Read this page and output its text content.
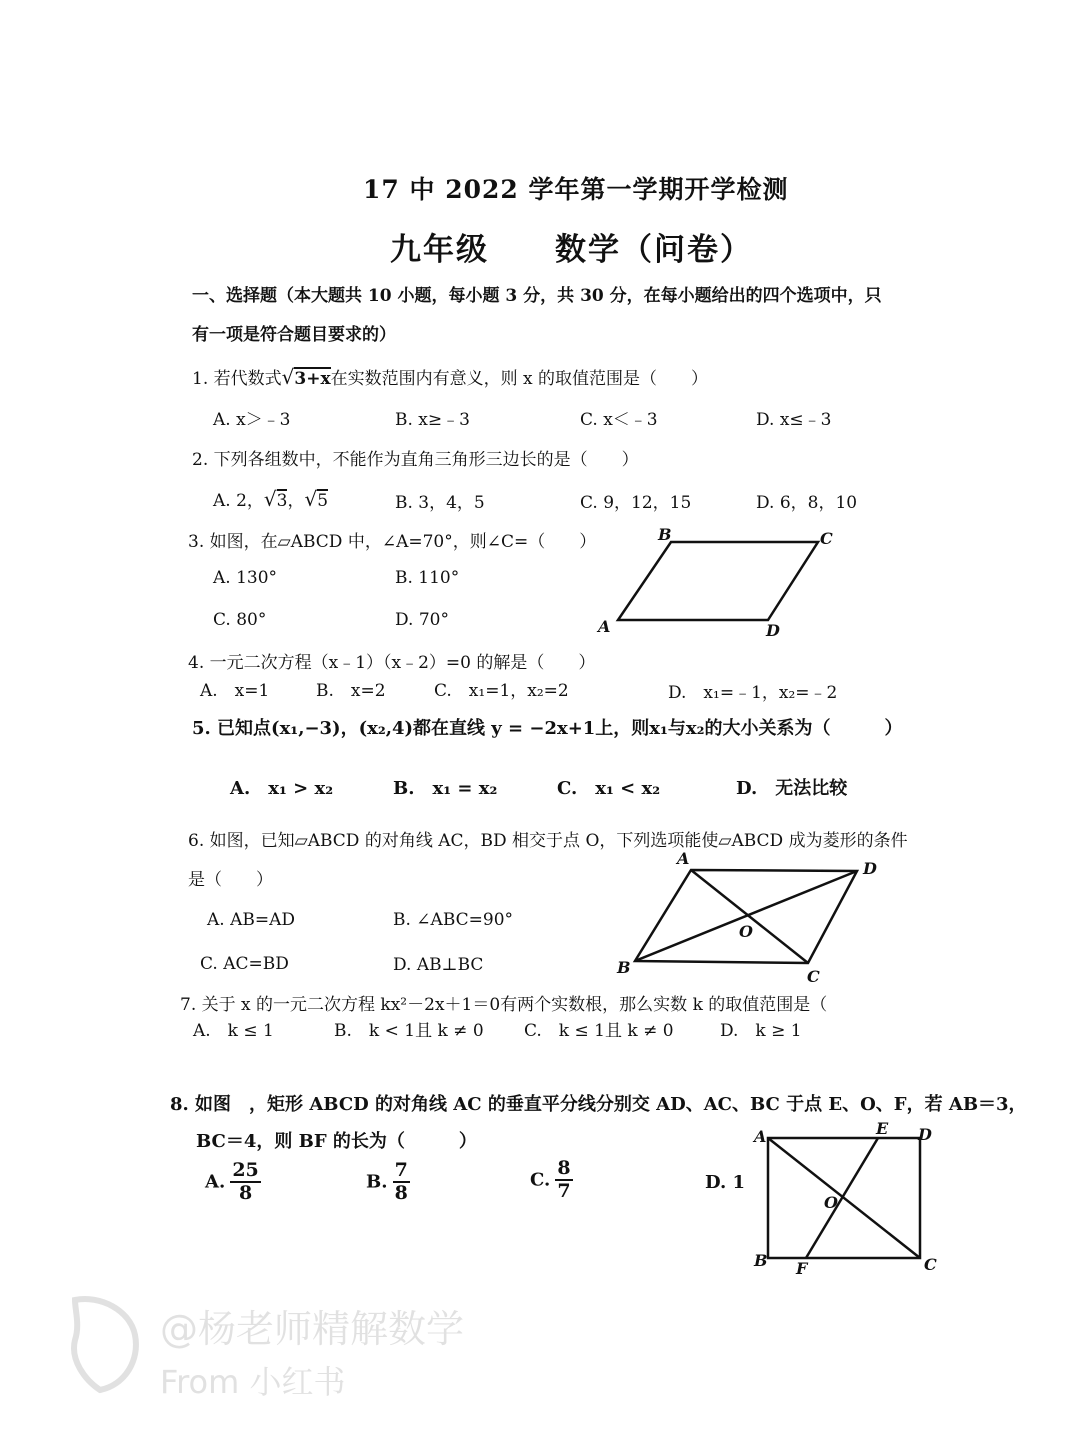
17 中 2022 学年第一学期开学检测
九年级　　数学（问卷）
一、选择题（本大题共 10 小题，每小题 3 分，共 30 分，在每小题给出的四个选项中，只
有一项是符合题目要求的）
1. 若代数式√3+x在实数范围内有意义，则 x 的取值范围是（　　）
A. x＞﹣3	B. x≥﹣3	C. x＜﹣3	D. x≤﹣3
2. 下列各组数中，不能作为直角三角形三边长的是（　　）
A. 2，√3，√5	B. 3，4，5	C. 9，12，15	D. 6，8，10
3. 如图，在▱ABCD 中，∠A=70°，则∠C=（　　）
A. 130°	B. 110°
C. 80°	D. 70°
B	C
A	D
4. 一元二次方程（x﹣1）（x﹣2）=0 的解是（　　）
A.　x=1	B.　x=2	C.　x₁=1，x₂=2	D.　x₁=﹣1，x₂=﹣2
5. 已知点(x₁,−3)，(x₂,4)都在直线 y = −2x+1上，则x₁与x₂的大小关系为（　　　）
A.　x₁ > x₂	B.　x₁ = x₂	C.　x₁ < x₂	D.　无法比较
6. 如图，已知▱ABCD 的对角线 AC，BD 相交于点 O，下列选项能使▱ABCD 成为菱形的条件
是（　　）
A. AB=AD	B. ∠ABC=90°
C. AC=BD	D. AB⊥BC
A
D
O
B	C
7. 关于 x 的一元二次方程 kx²－2x＋1＝0有两个实数根，那么实数 k 的取值范围是（
A.　k ≤ 1	B.　k < 1且 k ≠ 0 C.　k ≤ 1且 k ≠ 0	D.　k ≥ 1
8. 如图　，矩形 ABCD 的对角线 AC 的垂直平分线分别交 AD、AC、BC 于点 E、O、F，若 AB＝3，
BC＝4，则 BF 的长为（　　　）
A. $\frac{25}{8}$	B. $\frac{7}{8}$	C. $\frac{8}{7}$	D. 1
A	E D
O
B F	C
@杨老师精解数学
From 小红书
